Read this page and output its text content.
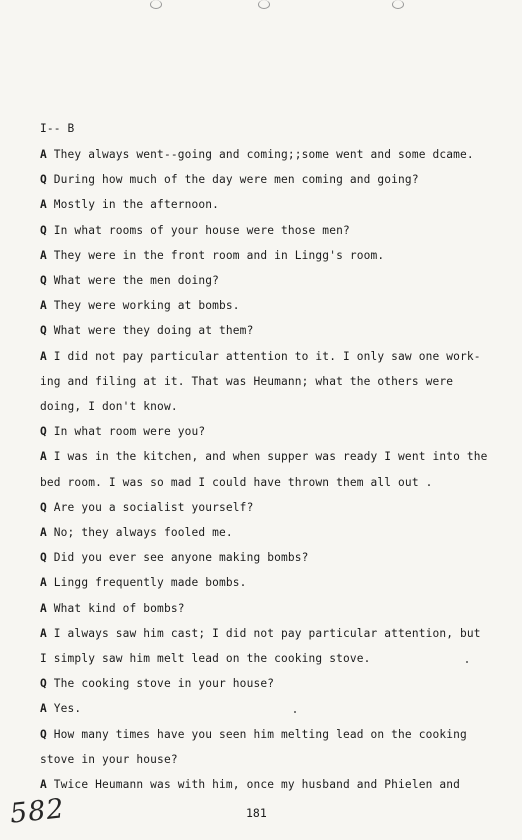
I-- B
A They always went--going and coming;;some went and some dcame.
Q During how much of the day were men coming and going?
A Mostly in the afternoon.
Q In what rooms of your house were those men?
A They were in the front room and in Lingg's room.
Q What were the men doing?
A They were working at bombs.
Q What were they doing at them?
A I did not pay particular attention to it. I only saw one work-
ing and filing at it. That was Heumann; what the others were
doing, I don't know.
Q In what room were you?
A I was in the kitchen, and when supper was ready I went into the
bed room. I was so mad I could have thrown them all out .
Q Are you a socialist yourself?
A No; they always fooled me.
Q Did you ever see anyone making bombs?
A Lingg frequently made bombs.
A What kind of bombs?
A I always saw him cast; I did not pay particular attention, but
I simply saw him melt lead on the cooking stove.
Q The cooking stove in your house?
A Yes.
Q How many times have you seen him melting lead on the cooking
stove in your house?
A Twice Heumann was with him, once my husband and Phielen and
181
582
